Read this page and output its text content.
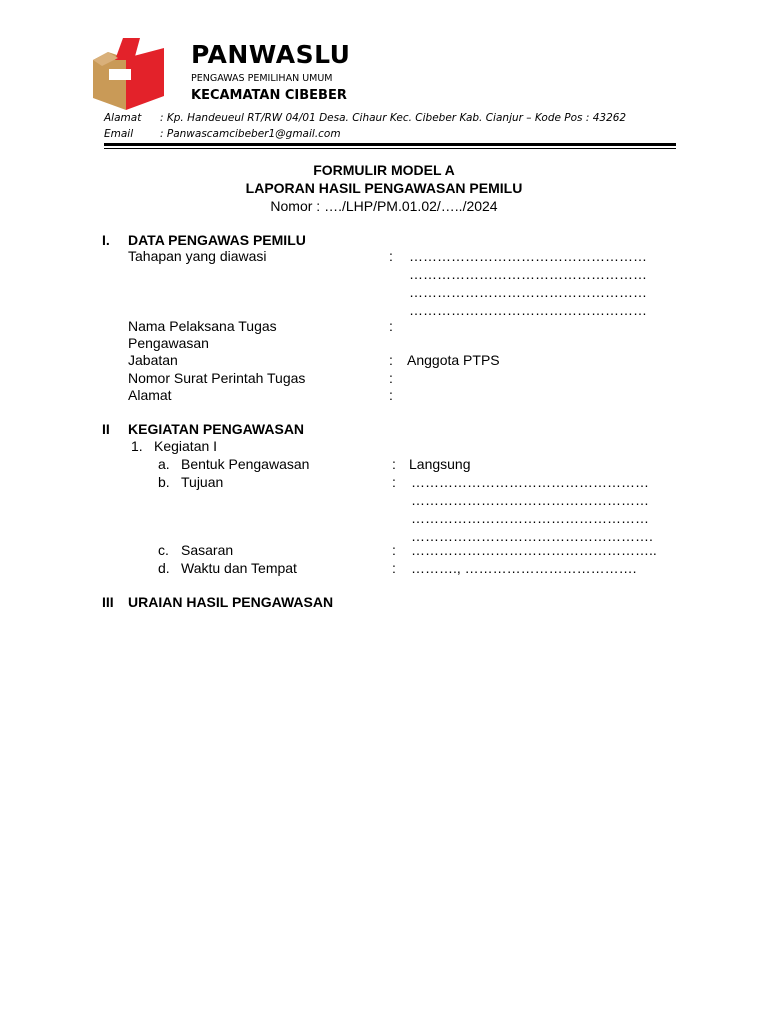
PANWASLU
PENGAWAS PEMILIHAN UMUM
KECAMATAN CIBEBER
Alamat : Kp. Handeueul RT/RW 04/01 Desa. Cihaur Kec. Cibeber Kab. Cianjur – Kode Pos : 43262
Email	: Panwascamcibeber1@gmail.com
FORMULIR MODEL A
LAPORAN HASIL PENGAWASAN PEMILU
Nomor : …./LHP/PM.01.02/…../2024
I. DATA PENGAWAS PEMILU
Tahapan yang diawasi	: ……………………………………………
……………………………………………
……………………………………………
……………………………………………
Nama Pelaksana Tugas
Pengawasan
:
Jabatan	: Anggota PTPS
Nomor Surat Perintah Tugas	:
Alamat	:
II KEGIATAN PENGAWASAN
1. Kegiatan I
a. Bentuk Pengawasan	: Langsung
b. Tujuan	: ……………………………………………
……………………………………………
……………………………………………
…………………………………………….
c. Sasaran	: ……………………………………………..
d. Waktu dan Tempat	: ………., ……………………………….
III URAIAN HASIL PENGAWASAN
